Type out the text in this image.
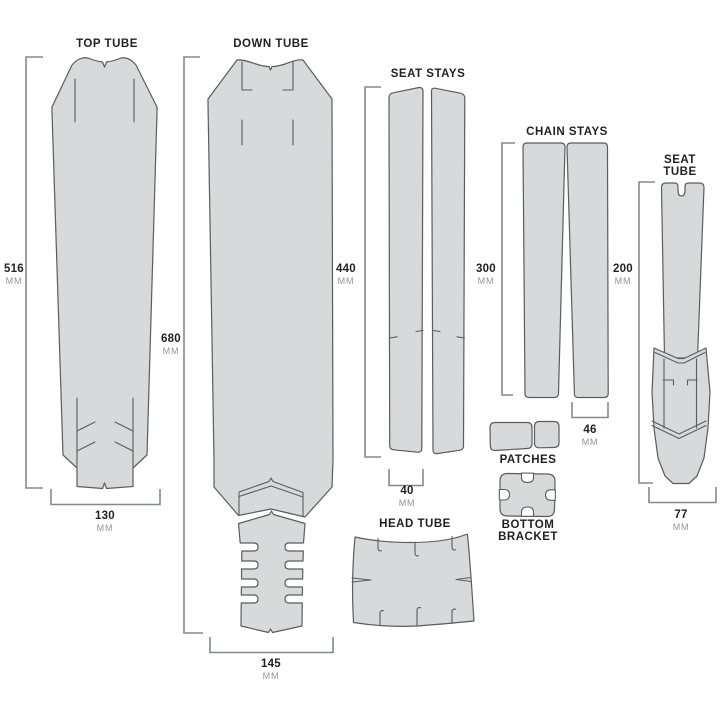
TOP TUBE	DOWN TUBE
SEAT STAYS
CHAIN STAYS
SEAT TUBE
HEAD TUBE
PATCHES
BOTTOM BRACKET
516
MM
130
MM
680
MM
145
MM
440
MM
40
MM
300
MM
46
MM
200
MM
77
MM
